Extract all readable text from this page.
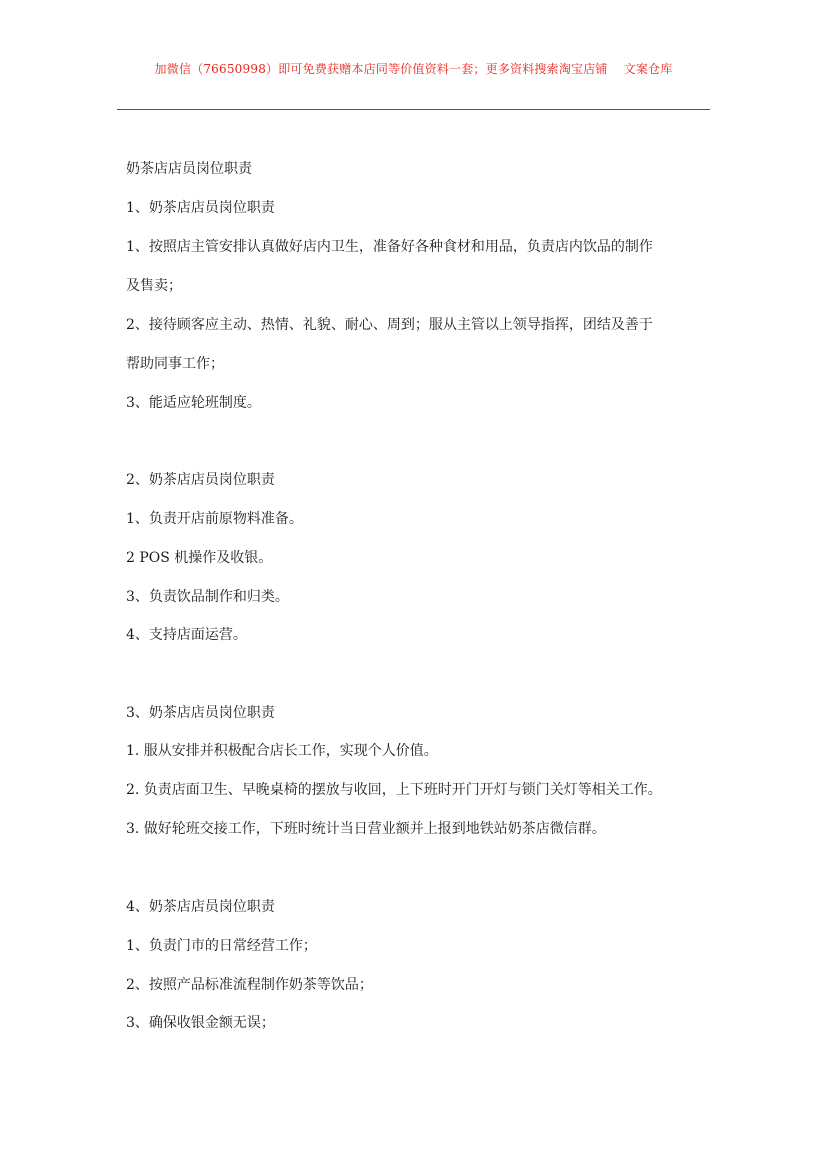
加微信（76650998）即可免费获赠本店同等价值资料一套；更多资料搜索淘宝店铺 文案仓库
奶茶店店员岗位职责
1、奶茶店店员岗位职责
1、按照店主管安排认真做好店内卫生，准备好各种食材和用品，负责店内饮品的制作
及售卖；
2、接待顾客应主动、热情、礼貌、耐心、周到；服从主管以上领导指挥，团结及善于
帮助同事工作；
3、能适应轮班制度。
2、奶茶店店员岗位职责
1、负责开店前原物料准备。
2 POS 机操作及收银。
3、负责饮品制作和归类。
4、支持店面运营。
3、奶茶店店员岗位职责
1. 服从安排并积极配合店长工作，实现个人价值。
2. 负责店面卫生、早晚桌椅的摆放与收回，上下班时开门开灯与锁门关灯等相关工作。
3. 做好轮班交接工作，下班时统计当日营业额并上报到地铁站奶茶店微信群。
4、奶茶店店员岗位职责
1、负责门市的日常经营工作；
2、按照产品标准流程制作奶茶等饮品；
3、确保收银金额无误；
